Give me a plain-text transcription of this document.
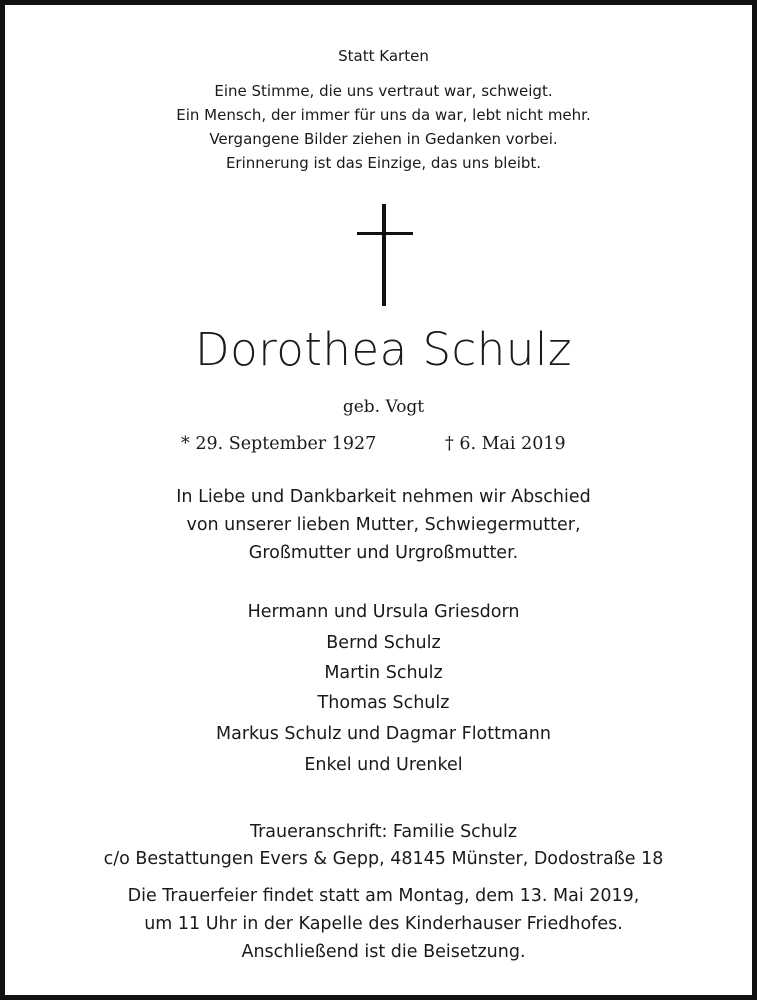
Statt Karten
Eine Stimme, die uns vertraut war, schweigt.
Ein Mensch, der immer für uns da war, lebt nicht mehr.
Vergangene Bilder ziehen in Gedanken vorbei.
Erinnerung ist das Einzige, das uns bleibt.
Dorothea Schulz
geb. Vogt
* 29. September 1927	† 6. Mai 2019
In Liebe und Dankbarkeit nehmen wir Abschied
von unserer lieben Mutter, Schwiegermutter,
Großmutter und Urgroßmutter.
Hermann und Ursula Griesdorn
Bernd Schulz
Martin Schulz
Thomas Schulz
Markus Schulz und Dagmar Flottmann
Enkel und Urenkel
Traueranschrift: Familie Schulz
c/o Bestattungen Evers & Gepp, 48145 Münster, Dodostraße 18
Die Trauerfeier findet statt am Montag, dem 13. Mai 2019,
um 11 Uhr in der Kapelle des Kinderhauser Friedhofes.
Anschließend ist die Beisetzung.
